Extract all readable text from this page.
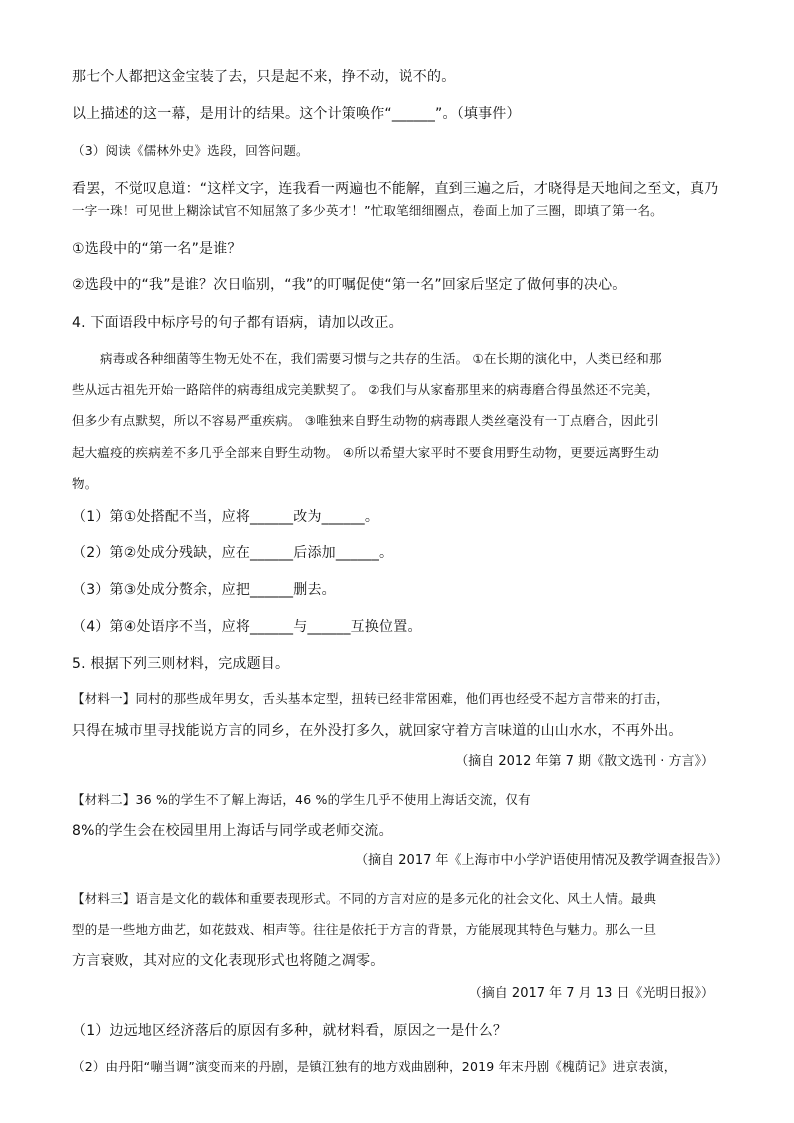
那七个人都把这金宝装了去，只是起不来，挣不动，说不的。
以上描述的这一幕，是用计的结果。这个计策唤作“______”。（填事件）
（3）阅读《儒林外史》选段，回答问题。
看罢，不觉叹息道：“这样文字，连我看一两遍也不能解，直到三遍之后，才晓得是天地间之至文，真乃
一字一珠！可见世上糊涂试官不知屈煞了多少英才！”忙取笔细细圈点，卷面上加了三圈，即填了第一名。
①选段中的“第一名”是谁？
②选段中的“我”是谁？次日临别，“我”的叮嘱促使“第一名”回家后坚定了做何事的决心。
4. 下面语段中标序号的句子都有语病，请加以改正。
病毒或各种细菌等生物无处不在，我们需要习惯与之共存的生活。 ①在长期的演化中，人类已经和那
些从远古祖先开始一路陪伴的病毒组成完美默契了。 ②我们与从家畜那里来的病毒磨合得虽然还不完美，
但多少有点默契，所以不容易严重疾病。 ③唯独来自野生动物的病毒跟人类丝毫没有一丁点磨合，因此引
起大瘟疫的疾病差不多几乎全部来自野生动物。 ④所以希望大家平时不要食用野生动物，更要远离野生动
物。
（1）第①处搭配不当，应将______改为______。
（2）第②处成分残缺，应在______后添加______。
（3）第③处成分赘余，应把______删去。
（4）第④处语序不当，应将______与______互换位置。
5. 根据下列三则材料，完成题目。
【材料一】同村的那些成年男女，舌头基本定型，扭转已经非常困难，他们再也经受不起方言带来的打击，
只得在城市里寻找能说方言的同乡，在外没打多久，就回家守着方言味道的山山水水，不再外出。
（摘自 2012 年第 7 期《散文选刊 · 方言》）
【材料二】36 %的学生不了解上海话，46 %的学生几乎不使用上海话交流，仅有
8%的学生会在校园里用上海话与同学或老师交流。
（摘自 2017 年《上海市中小学沪语使用情况及教学调查报告》）
【材料三】语言是文化的载体和重要表现形式。不同的方言对应的是多元化的社会文化、风土人情。最典
型的是一些地方曲艺，如花鼓戏、相声等。往往是依托于方言的背景，方能展现其特色与魅力。那么一旦
方言衰败，其对应的文化表现形式也将随之凋零。
（摘自 2017 年 7 月 13 日《光明日报》）
（1）边远地区经济落后的原因有多种，就材料看，原因之一是什么？
（2）由丹阳“嘣当调”演变而来的丹剧，是镇江独有的地方戏曲剧种，2019 年末丹剧《槐荫记》进京表演，
